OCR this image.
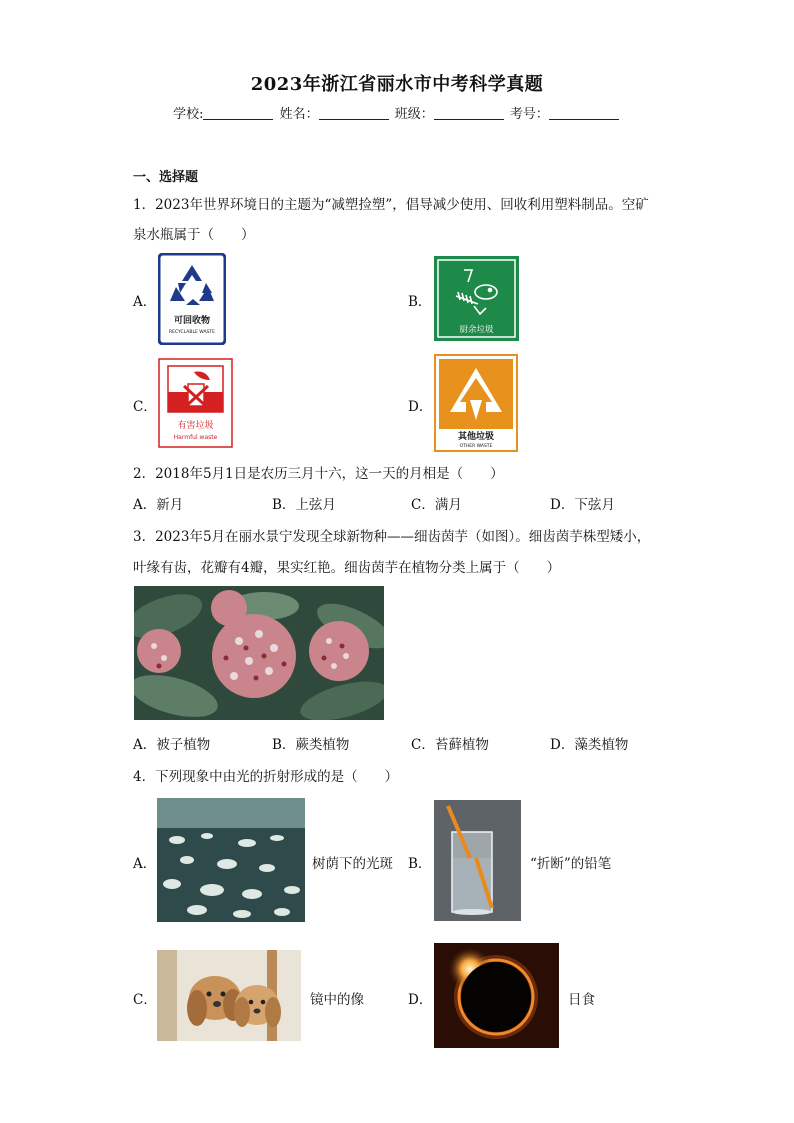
2023年浙江省丽水市中考科学真题
学校:	姓名：	班级：	考号：
一、选择题
1．2023年世界环境日的主题为“减塑捡塑”，倡导减少使用、回收利用塑料制品。空矿
泉水瓶属于（　　）
A．
可回收物
RECYCLABLE WASTE
B．
厨余垃圾
C．
有害垃圾
Harmful waste
D．
其他垃圾
OTHER WASTE
2．2018年5月1日是农历三月十六，这一天的月相是（　　）
A．新月	B．上弦月	C．满月	D．下弦月
3．2023年5月在丽水景宁发现全球新物种——细齿茵芋（如图）。细齿茵芋株型矮小，
叶缘有齿，花瓣有4瓣，果实红艳。细齿茵芋在植物分类上属于（　　）
A．被子植物	B．蕨类植物	C．苔藓植物	D．藻类植物
4．下列现象中由光的折射形成的是（　　）
A．	树荫下的光斑 B．	“折断”的铅笔
C．	镜中的像	D．	日食
